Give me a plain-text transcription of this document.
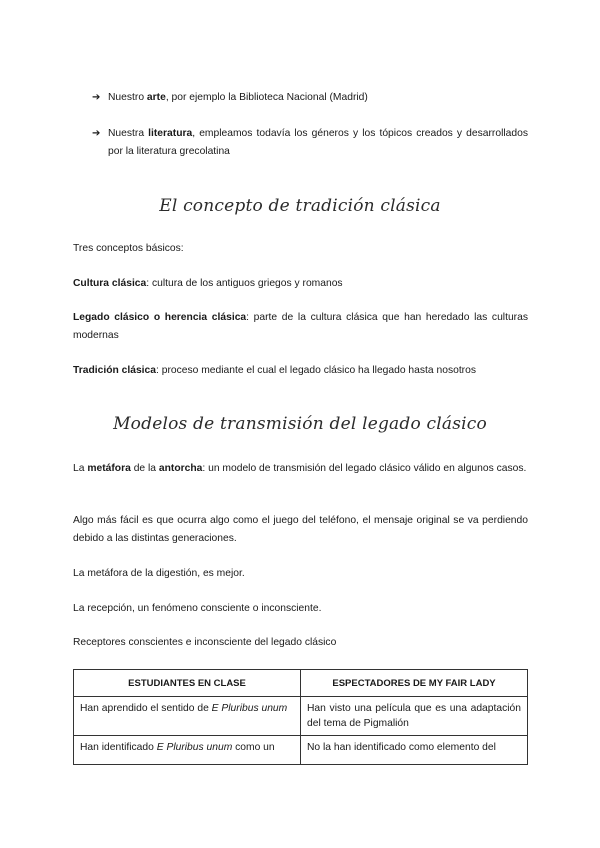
➔ Nuestro arte, por ejemplo la Biblioteca Nacional (Madrid)
➔ Nuestra literatura, empleamos todavía los géneros y los tópicos creados y desarrollados por la literatura grecolatina
El concepto de tradición clásica
Tres conceptos básicos:
Cultura clásica: cultura de los antiguos griegos y romanos
Legado clásico o herencia clásica: parte de la cultura clásica que han heredado las culturas modernas
Tradición clásica: proceso mediante el cual el legado clásico ha llegado hasta nosotros
Modelos de transmisión del legado clásico
La metáfora de la antorcha: un modelo de transmisión del legado clásico válido en algunos casos.
Algo más fácil es que ocurra algo como el juego del teléfono, el mensaje original se va perdiendo debido a las distintas generaciones.
La metáfora de la digestión, es mejor.
La recepción, un fenómeno consciente o inconsciente.
Receptores conscientes e inconsciente del legado clásico
ESTUDIANTES EN CLASE	ESPECTADORES DE MY FAIR LADY
Han aprendido el sentido de E Pluribus unum	Han visto una película que es una adaptación del tema de Pigmalión
Han identificado E Pluribus unum como un	No la han identificado como elemento del
